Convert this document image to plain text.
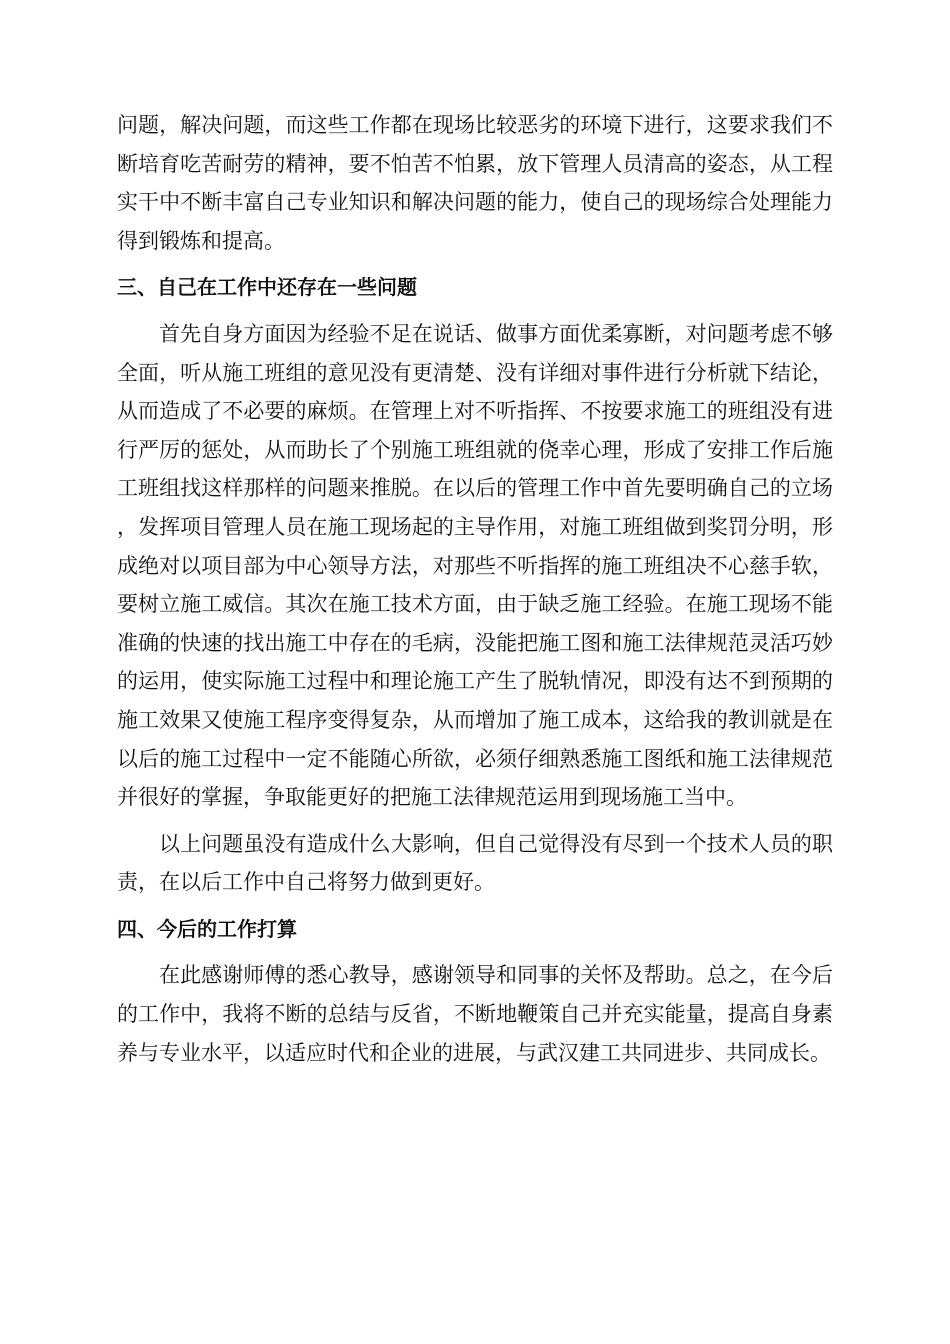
问题，解决问题，而这些工作都在现场比较恶劣的环境下进行，这要求我们不断培育吃苦耐劳的精神，要不怕苦不怕累，放下管理人员清高的姿态，从工程实干中不断丰富自己专业知识和解决问题的能力，使自己的现场综合处理能力得到锻炼和提高。

三、自己在工作中还存在一些问题

首先自身方面因为经验不足在说话、做事方面优柔寡断，对问题考虑不够全面，听从施工班组的意见没有更清楚、没有详细对事件进行分析就下结论，从而造成了不必要的麻烦。在管理上对不听指挥、不按要求施工的班组没有进行严厉的惩处，从而助长了个别施工班组就的侥幸心理，形成了安排工作后施工班组找这样那样的问题来推脱。在以后的管理工作中首先要明确自己的立场，发挥项目管理人员在施工现场起的主导作用，对施工班组做到奖罚分明，形成绝对以项目部为中心领导方法，对那些不听指挥的施工班组决不心慈手软，要树立施工威信。其次在施工技术方面，由于缺乏施工经验。在施工现场不能准确的快速的找出施工中存在的毛病，没能把施工图和施工法律规范灵活巧妙的运用，使实际施工过程中和理论施工产生了脱轨情况，即没有达不到预期的施工效果又使施工程序变得复杂，从而增加了施工成本，这给我的教训就是在以后的施工过程中一定不能随心所欲，必须仔细熟悉施工图纸和施工法律规范并很好的掌握，争取能更好的把施工法律规范运用到现场施工当中。

以上问题虽没有造成什么大影响，但自己觉得没有尽到一个技术人员的职责，在以后工作中自己将努力做到更好。

四、今后的工作打算

在此感谢师傅的悉心教导，感谢领导和同事的关怀及帮助。总之，在今后的工作中，我将不断的总结与反省，不断地鞭策自己并充实能量，提高自身素养与专业水平，以适应时代和企业的进展，与武汉建工共同进步、共同成长。
